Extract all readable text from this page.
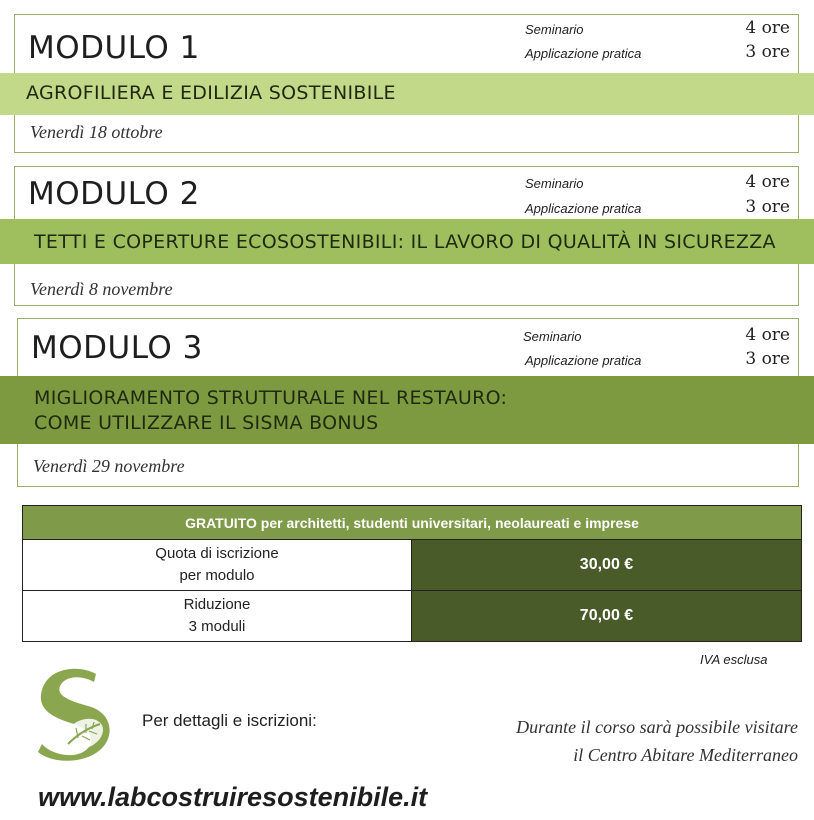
MODULO 1
Seminario	4 ore
Applicazione pratica	3 ore
AGROFILIERA E EDILIZIA SOSTENIBILE
Venerdì 18 ottobre
MODULO 2	Seminario	4 ore
Applicazione pratica	3 ore
TETTI E COPERTURE ECOSOSTENIBILI: IL LAVORO DI QUALITÀ IN SICUREZZA
Venerdì 8 novembre
MODULO 3	Seminario	4 ore
Applicazione pratica	3 ore
MIGLIORAMENTO STRUTTURALE NEL RESTAURO:
COME UTILIZZARE IL SISMA BONUS
Venerdì 29 novembre
GRATUITO per architetti, studenti universitari, neolaureati e imprese	

Quota di iscrizione
per modulo	30,00 €

Riduzione
3 moduli	70,00 €
IVA esclusa
Per dettagli e iscrizioni:	Durante il corso sarà possibile visitare
il Centro Abitare Mediterraneo
www.labcostruiresostenibile.it
